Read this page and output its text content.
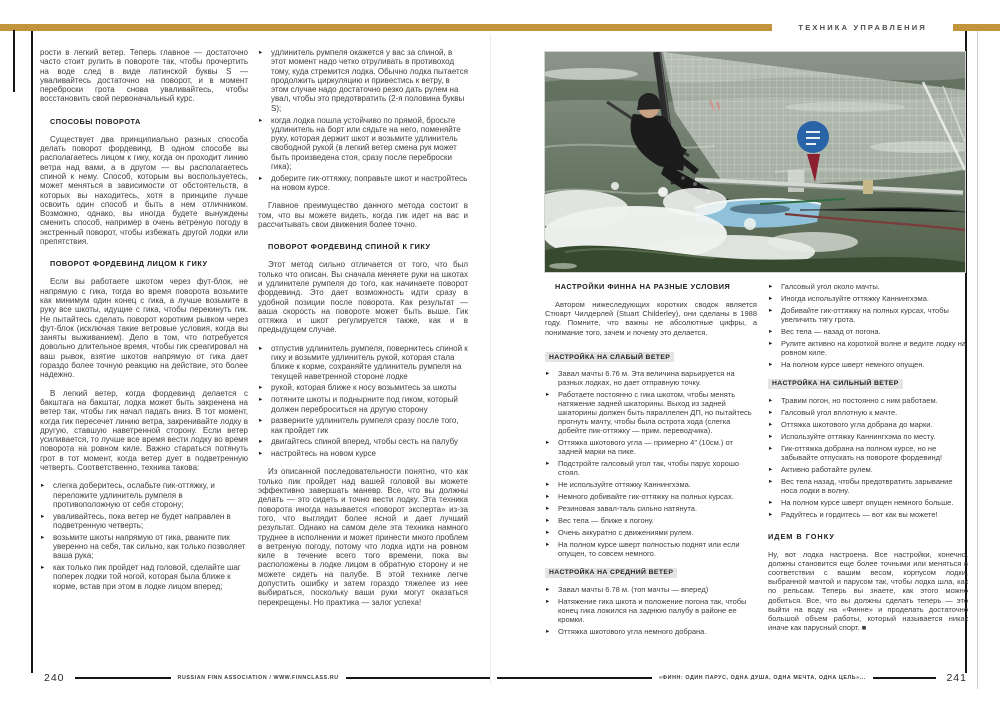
ТЕХНИКА УПРАВЛЕНИЯ

рости в легкий ветер. Теперь главное — достаточно часто стоит рулить в повороте так, чтобы прочертить на воде след в виде латинской буквы S — уваливайтесь достаточно на поворот, и в момент переброски грота снова уваливайтесь, чтобы восстановить свой первоначальный курс.

СПОСОБЫ ПОВОРОТА

Существует два принципиально разных способа делать поворот фордевинд. В одном способе вы располагаетесь лицом к гику, когда он проходит линию ветра над вами, а в другом — вы располагаетесь спиной к нему. Способ, которым вы воспользуетесь, может меняться в зависимости от обстоятельств, в которых вы находитесь, хотя в принципе лучше освоить один способ и быть в нем отличником. Возможно, однако, вы иногда будете вынуждены сменить способ, например в очень ветреную погоду в экстренный поворот, чтобы избежать другой лодки или препятствия.

ПОВОРОТ ФОРДЕВИНД ЛИЦОМ К ГИКУ

Если вы работаете шкотом через фут-блок, не напрямую с гика, тогда во время поворота возьмите как минимум один конец с гика, а лучше возьмите в руку все шкоты, идущие с гика, чтобы перекинуть гик. Не пытайтесь сделать поворот коротким рывком через фут-блок (исключая такие ветровые условия, когда вы заняты выживанием). Дело в том, что потребуется довольно длительное время, чтобы гик среагировал на ваш рывок, взятие шкотов напрямую от гика дает гораздо более точную реакцию на действие, это более надежно.

В легкий ветер, когда фордевинд делается с бакштага на бакштаг, лодка может быть закренена на ветер так, чтобы гик начал падать вниз. В тот момент, когда гик пересечет линию ветра, закренивайте лодку в другую, ставшую наветренной сторону. Если ветер усиливается, то лучше все время вести лодку во время поворота на ровном киле. Важно стараться потянуть грот в тот момент, когда ветер дует в подветренную четверть. Соответственно, техника такова:

▸ слегка доберитесь, ослабьте пик-оттяжку, и переложите удлинитель румпеля в противоположную от себя сторону;
▸ уваливайтесь, пока ветер не будет направлен в подветренную четверть;
▸ возьмите шкоты напрямую от гика, рваните пик уверенно на себя, так сильно, как только позволяет ваша рука;
▸ как только пик пройдет над головой, сделайте шаг поперек лодки той ногой, которая была ближе к корме, встав при этом в лодке лицом вперед;
▸ удлинитель румпеля окажется у вас за спиной, в этот момент надо четко отруливать в противоход тому, куда стремится лодка. Обычно лодка пытается продолжить циркуляцию и привестись к ветру, в этом случае надо достаточно резко дать рулем на увал, чтобы это предотвратить (2-я половина буквы S);
▸ когда лодка пошла устойчиво по прямой, бросьте удлинитель на борт или сядьте на него, поменяйте руку, которая держит шкот и возьмите удлинитель свободной рукой (в легкий ветер смена рук может быть произведена стоя, сразу после переброски гика);
▸ доберите гик-оттяжку, поправьте шкот и настройтесь на новом курсе.

Главное преимущество данного метода состоит в том, что вы можете видеть, когда гик идет на вас и рассчитывать свои движения более точно.

ПОВОРОТ ФОРДЕВИНД СПИНОЙ К ГИКУ

Этот метод сильно отличается от того, что был только что описан. Вы сначала меняете руки на шкотах и удлинителе румпеля до того, как начинаете поворот фордевинд. Это дает возможность идти сразу в удобной позиции после поворота. Как результат — ваша скорость на повороте может быть выше. Гик оттяжка и шкот регулируется также, как и в предыдущем случае.

▸ отпустив удлинитель румпеля, повернитесь спиной к гику и возьмите удлинитель рукой, которая стала ближе к корме, сохраняйте удлинитель румпеля на текущей наветренной стороне лодке
▸ рукой, которая ближе к носу возьмитесь за шкоты
▸ потяните шкоты и поднырните под гиком, который должен переброситься на другую сторону
▸ разверните удлинитель румпеля сразу после того, как пройдет гик
▸ двигайтесь спиной вперед, чтобы сесть на палубу
▸ настройтесь на новом курсе

Из описанной последовательности понятно, что как только пик пройдет над вашей головой вы можете эффективно завершать маневр. Все, что вы должны делать — это сидеть и точно вести лодку. Эта техника поворота иногда называется «поворот эксперта» из-за того, что выглядит более ясной и дает лучший результат. Однако на самом деле эта техника намного труднее в исполнении и может принести много проблем в ветреную погоду, потому что лодка идти на ровном киле в течение всего того времени, пока вы расположены в лодке лицом в обратную сторону и не можете сидеть на палубе. В этой технике легче допустить ошибку и затем гораздо тяжелее из нее выбираться, поскольку ваши руки могут оказаться перекрещены. Но практика — залог успеха!

НАСТРОЙКИ ФИННА НА РАЗНЫЕ УСЛОВИЯ

Автором нижеследующих коротких сводок является Стюарт Чилдерлей (Stuart Childerley), они сделаны в 1988 году. Помните, что важны не абсолютные цифры, а понимание того, зачем и почему это делается.

НАСТРОЙКА НА СЛАБЫЙ ВЕТЕР
▸ Завал мачты 6.76 м. Эта величина варьируется на разных лодках, но дает отправную точку.
▸ Работаете постоянно с гика шкотом, чтобы менять натяжение задней шкаторины. Выход из задней шкаторины должен быть параллелен ДП, но пытайтесь прогнуть мачту, чтобы была острота хода (слегка добейте пик-оттяжку — прим. переводчика).
▸ Оттяжка шкотового угла — примерно 4" (10см.) от задней марки на пике.
▸ Подстройте галсовый угол так, чтобы парус хорошо стоял.
▸ Не используйте оттяжку Каннингхэма.
▸ Немного добивайте гик-оттяжку на полных курсах.
▸ Резиновая завал-таль сильно натянута.
▸ Вес тела — ближе к погону.
▸ Очень аккуратно с движениями рулем.
▸ На полном курсе шверт полностью поднят или если опущен, то совсем немного.
НАСТРОЙКА НА СРЕДНИЙ ВЕТЕР
▸ Завал мачты 6.78 м. (топ мачты — вперед)
▸ Натяжение гика шкота и положение погона так, чтобы конец гика ложился на заднюю палубу в районе ее кромки.
▸ Оттяжка шкотового угла немного добрана.
▸ Галсовый угол около мачты.
▸ Иногда используйте оттяжку Каннингхэма.
▸ Добивайте гик-оттяжку на полных курсах, чтобы увеличить тягу грота.
▸ Вес тела — назад от погона.
▸ Рулите активно на короткой волне и ведите лодку на ровном киле.
▸ На полном курсе шверт немного опущен.
НАСТРОЙКА НА СИЛЬНЫЙ ВЕТЕР
▸ Травим погон, но постоянно с ним работаем.
▸ Галсовый угол вплотную к мачте.
▸ Оттяжка шкотового угла добрана до марки.
▸ Используйте оттяжку Каннингхэма по месту.
▸ Гик-оттяжка добрана на полном курсе, но не забывайте отпускать на повороте фордевинд!
▸ Активно работайте рулем.
▸ Вес тела назад, чтобы предотвратить зарывание носа лодки в волну.
▸ На полном курсе шверт опущен немного больше.
▸ Радуйтесь и гордитесь — вот как вы можете!
ИДЕМ В ГОНКУ

Ну, вот лодка настроена. Все настройки, конечно, должны становится еще более точными или меняться в соответствии с вашим весом, корпусом лодки, выбранной мачтой и парусом так, чтобы лодка шла, как по рельсам. Теперь вы знаете, как этого можно добиться. Все, что вы должны сделать теперь — это выйти на воду на «Финне» и проделать достаточно большой объем работы, который называется никак иначе как парусный спорт. ■

240	RUSSIAN FINN ASSOCIATION / WWW.FINNCLASS.RU	«ФИНН: ОДИН ПАРУС, ОДНА ДУША, ОДНА МЕЧТА, ОДНА ЦЕЛЬ»...	241
